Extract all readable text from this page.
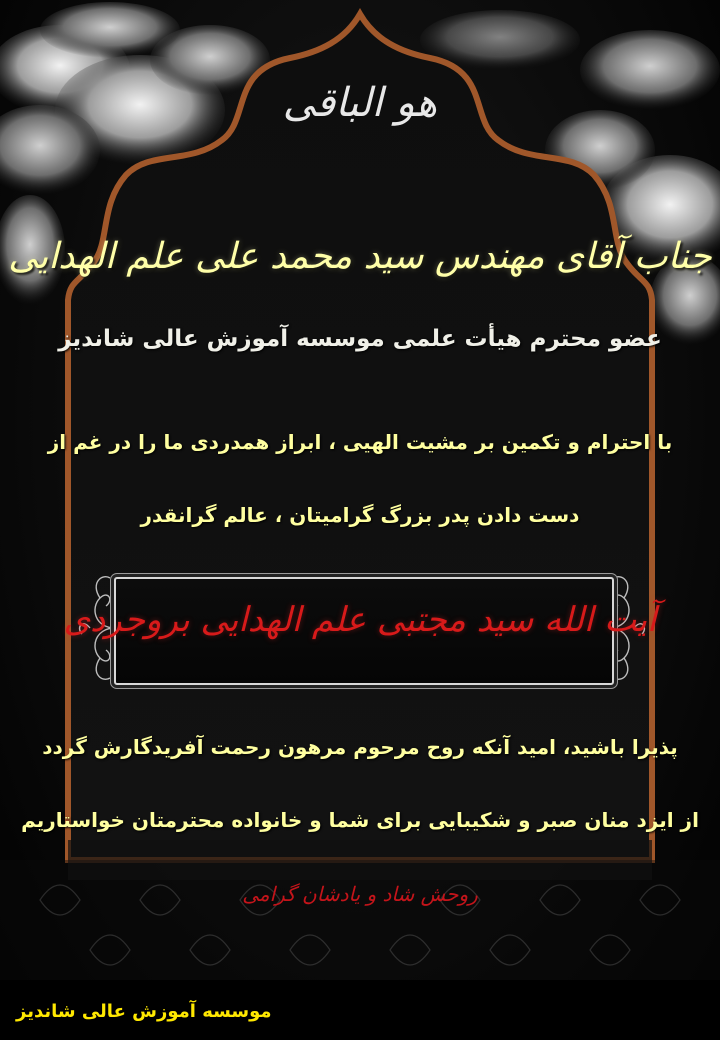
هو الباقی
جناب آقای مهندس سید محمد علی علم الهدایی
عضو محترم هیأت علمی موسسه آموزش عالی شاندیز
با احترام و تکمین بر مشیت الهیی ، ابراز همدردی ما را در غم از
دست دادن پدر بزرگ گرامیتان ، عالم گرانقدر
آیت الله سید مجتبی علم الهدایی بروجردی
پذیرا باشید، امید آنکه روح مرحوم مرهون رحمت آفریدگارش گردد
از ایزد منان صبر و شکیبایی برای شما و خانواده محترمتان خواستاریم
روحش شاد و یادشان گرامی
موسسه آموزش عالی شاندیز
